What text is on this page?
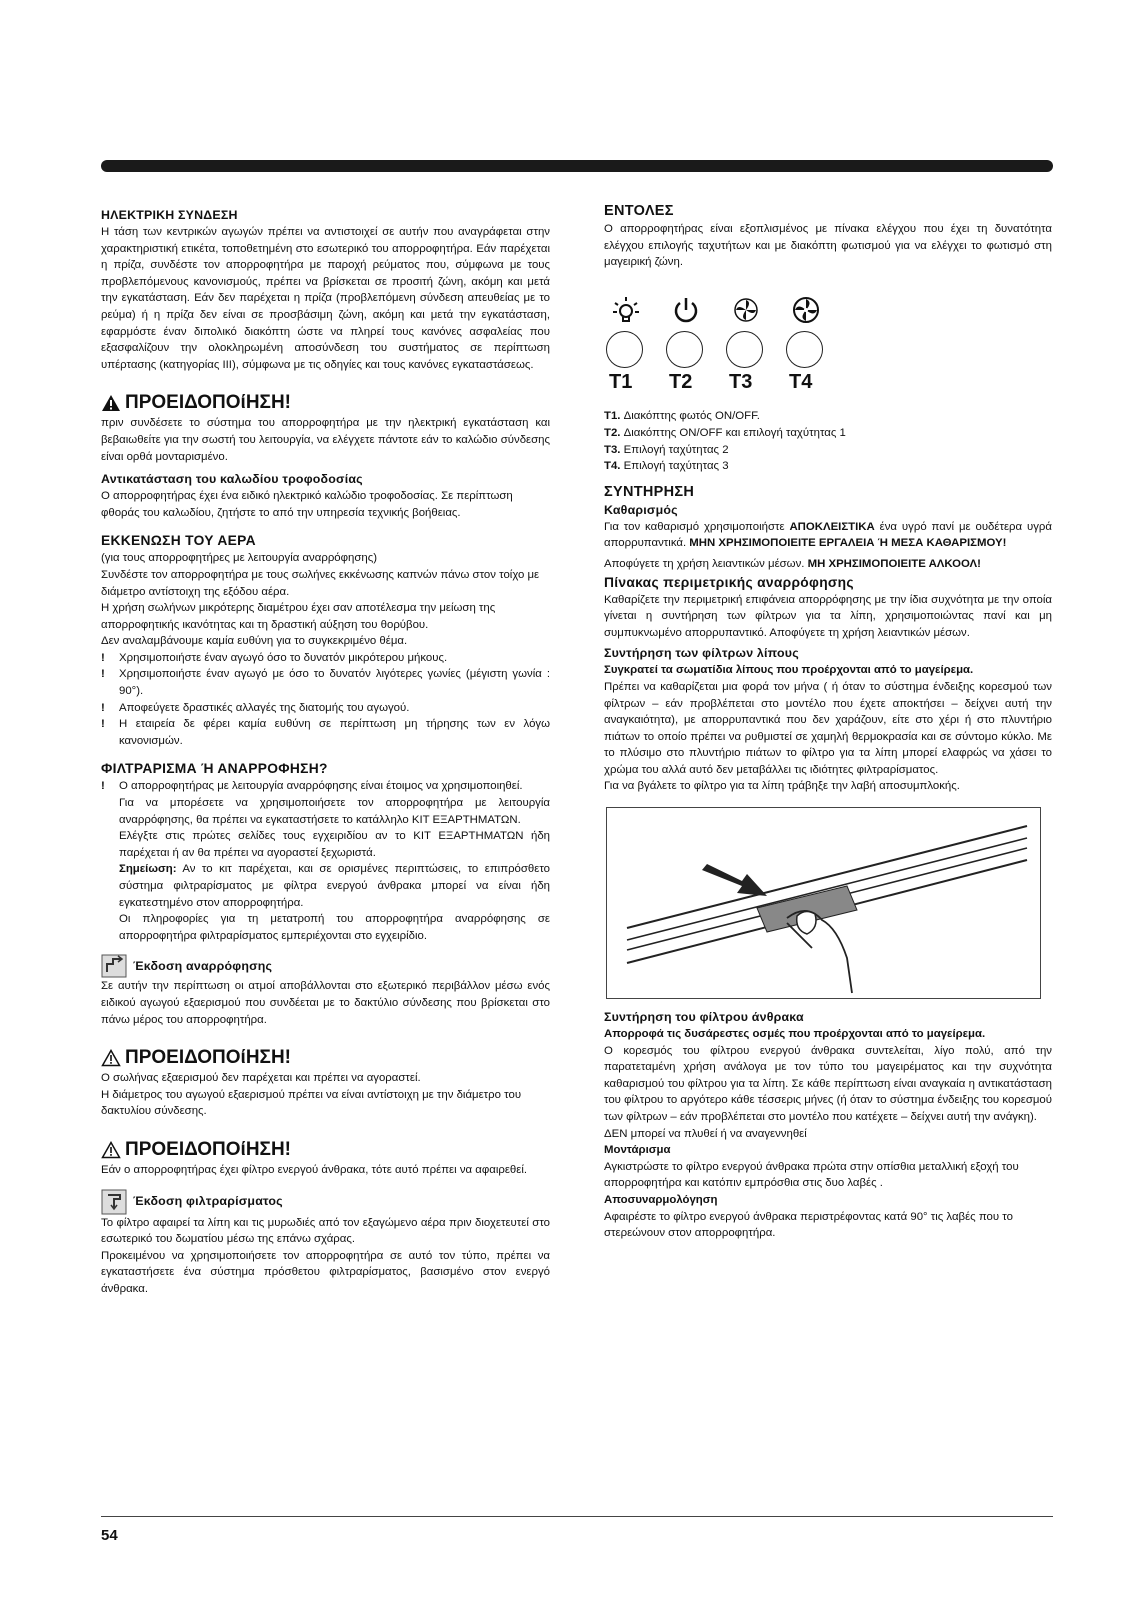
ΗΛΕΚΤΡΙΚΗ ΣΥΝΔΕΣΗ

Η τάση των κεντρικών αγωγών πρέπει να αντιστοιχεί σε αυτήν που αναγράφεται στην χαρακτηριστική ετικέτα, τοποθετημένη στο εσωτερικό του απορροφητήρα. Εάν παρέχεται η πρίζα, συνδέστε τον απορροφητήρα με παροχή ρεύματος που, σύμφωνα με τους προβλεπόμενους κανονισμούς, πρέπει να βρίσκεται σε προσιτή ζώνη, ακόμη και μετά την εγκατάσταση. Εάν δεν παρέχεται η πρίζα (προβλεπόμενη σύνδεση απευθείας με το ρεύμα) ή η πρίζα δεν είναι σε προσβάσιμη ζώνη, ακόμη και μετά την εγκατάσταση, εφαρμόστε έναν διπολικό διακόπτη ώστε να πληρεί τους κανόνες ασφαλείας που εξασφαλίζουν την ολοκληρωμένη αποσύνδεση του συστήματος σε περίπτωση υπέρτασης (κατηγορίας III), σύμφωνα με τις οδηγίες και τους κανόνες εγκαταστάσεως.

ΠΡΟΕΙΔΟΠΟίΗΣΗ!

πριν συνδέσετε το σύστημα του απορροφητήρα με την ηλεκτρική εγκατάσταση και βεβαιωθείτε για την σωστή του λειτουργία, να ελέγχετε πάντοτε εάν το καλώδιο σύνδεσης είναι ορθά μονταρισμένο.

Αντικατάσταση του καλωδίου τροφοδοσίας

Ο απορροφητήρας έχει ένα ειδικό ηλεκτρικό καλώδιο τροφοδοσίας. Σε περίπτωση φθοράς του καλωδίου, ζητήστε το από την υπηρεσία τεχνικής βοήθειας.

ΕΚΚΕΝΩΣΗ ΤΟΥ ΑΕΡΑ

(για τους απορροφητήρες με λειτουργία αναρρόφησης)

Συνδέστε τον απορροφητήρα με τους σωλήνες εκκένωσης καπνών πάνω στον τοίχο με διάμετρο αντίστοιχη της εξόδου αέρα.

Η χρήση σωλήνων μικρότερης διαμέτρου έχει σαν αποτέλεσμα την μείωση της απορροφητικής ικανότητας και τη δραστική αύξηση του θορύβου.

Δεν αναλαμβάνουμε καμία ευθύνη για το συγκεκριμένο θέμα.

! Χρησιμοποιήστε έναν αγωγό όσο το δυνατόν μικρότερου μήκους.
! Χρησιμοποιήστε έναν αγωγό με όσο το δυνατόν λιγότερες γωνίες (μέγιστη γωνία : 90°).
! Αποφεύγετε δραστικές αλλαγές της διατομής του αγωγού.
! Η εταιρεία δε φέρει καμία ευθύνη σε περίπτωση μη τήρησης των εν λόγω κανονισμών.
ΦΙΛΤΡΑΡΙΣΜΑ Ή ΑΝΑΡΡΟΦΗΣΗ?
! Ο απορροφητήρας με λειτουργία αναρρόφησης είναι έτοιμος να χρησιμοποιηθεί.

Για να μπορέσετε να χρησιμοποιήσετε τον απορροφητήρα με λειτουργία αναρρόφησης, θα πρέπει να εγκαταστήσετε το κατάλληλο ΚΙΤ ΕΞΑΡΤΗΜΑΤΩΝ.

Ελέγξτε στις πρώτες σελίδες τους εγχειριδίου αν το ΚΙΤ ΕΞΑΡΤΗΜΑΤΩΝ ήδη παρέχεται ή αν θα πρέπει να αγοραστεί ξεχωριστά.

Σημείωση: Αν το κιτ παρέχεται, και σε ορισμένες περιπτώσεις, το επιπρόσθετο σύστημα φιλτραρίσματος με φίλτρα ενεργού άνθρακα μπορεί να είναι ήδη εγκατεστημένο στον απορροφητήρα.

Οι πληροφορίες για τη μετατροπή του απορροφητήρα αναρρόφησης σε απορροφητήρα φιλτραρίσματος εμπεριέχονται στο εγχειρίδιο.

Έκδοση αναρρόφησης

Σε αυτήν την περίπτωση οι ατμοί αποβάλλονται στο εξωτερικό περιβάλλον μέσω ενός ειδικού αγωγού εξαερισμού που συνδέεται με το δακτύλιο σύνδεσης που βρίσκεται στο πάνω μέρος του απορροφητήρα.

ΠΡΟΕΙΔΟΠΟίΗΣΗ!

Ο σωλήνας εξαερισμού δεν παρέχεται και πρέπει να αγοραστεί.

Η διάμετρος του αγωγού εξαερισμού πρέπει να είναι αντίστοιχη με την διάμετρο του δακτυλίου σύνδεσης.

ΠΡΟΕΙΔΟΠΟίΗΣΗ!

Εάν ο απορροφητήρας έχει φίλτρο ενεργού άνθρακα, τότε αυτό πρέπει να αφαιρεθεί.

Έκδοση φιλτραρίσματος

Το φίλτρο αφαιρεί τα λίπη και τις μυρωδιές από τον εξαγώμενο αέρα πριν διοχετευτεί στο εσωτερικό του δωματίου μέσω της επάνω σχάρας.

Προκειμένου να χρησιμοποιήσετε τον απορροφητήρα σε αυτό τον τύπο, πρέπει να εγκαταστήσετε ένα σύστημα πρόσθετου φιλτραρίσματος, βασισμένο στον ενεργό άνθρακα.

ΕΝΤΟΛΕΣ

Ο απορροφητήρας είναι εξοπλισμένος με πίνακα ελέγχου που έχει τη δυνατότητα ελέγχου επιλογής ταχυτήτων και με διακόπτη φωτισμού για να ελέγχει το φωτισμό στη μαγειρική ζώνη.

T1 T2 T3 T4

T1. Διακόπτης φωτός ON/OFF.

T2. Διακόπτης ON/OFF και επιλογή ταχύτητας 1

T3. Επιλογή ταχύτητας 2

T4. Επιλογή ταχύτητας 3

ΣΥΝΤΗΡΗΣΗ
Καθαρισμός

Για τον καθαρισμό χρησιμοποιήστε ΑΠΟΚΛΕΙΣΤΙΚΑ ένα υγρό πανί με ουδέτερα υγρά απορρυπαντικά. ΜΗΝ ΧΡΗΣΙΜΟΠΟΙΕΙΤΕ ΕΡΓΑΛΕΙΑ Ή ΜΕΣΑ ΚΑΘΑΡΙΣΜΟΥ!

Αποφύγετε τη χρήση λειαντικών μέσων. ΜΗ ΧΡΗΣΙΜΟΠΟΙΕΙΤΕ ΑΛΚΟΟΛ!

Πίνακας περιμετρικής αναρρόφησης

Καθαρίζετε την περιμετρική επιφάνεια απορρόφησης με την ίδια συχνότητα με την οποία γίνεται η συντήρηση των φίλτρων για τα λίπη, χρησιμοποιώντας πανί και μη συμπυκνωμένο απορρυπαντικό. Αποφύγετε τη χρήση λειαντικών μέσων.

Συντήρηση των φίλτρων λίπους

Συγκρατεί τα σωματίδια λίπους που προέρχονται από το μαγείρεμα.

Πρέπει να καθαρίζεται μια φορά τον μήνα ( ή όταν το σύστημα ένδειξης κορεσμού των φίλτρων – εάν προβλέπεται στο μοντέλο που έχετε αποκτήσει – δείχνει αυτή την αναγκαιότητα), με απορρυπαντικά που δεν χαράζουν, είτε στο χέρι ή στο πλυντήριο πιάτων το οποίο πρέπει να ρυθμιστεί σε χαμηλή θερμοκρασία και σε σύντομο κύκλο. Με το πλύσιμο στο πλυντήριο πιάτων το φίλτρο για τα λίπη μπορεί ελαφρώς να χάσει το χρώμα του αλλά αυτό δεν μεταβάλλει τις ιδιότητες φιλτραρίσματος.

Για να βγάλετε το φίλτρο για τα λίπη τράβηξε την λαβή αποσυμπλοκής.

Συντήρηση του φίλτρου άνθρακα

Απορροφά τις δυσάρεστες οσμές που προέρχονται από το μαγείρεμα.

Ο κορεσμός του φίλτρου ενεργού άνθρακα συντελείται, λίγο πολύ, από την παρατεταμένη χρήση ανάλογα με τον τύπο του μαγειρέματος και την συχνότητα καθαρισμού του φίλτρου για τα λίπη. Σε κάθε περίπτωση είναι αναγκαία η αντικατάσταση του φίλτρου το αργότερο κάθε τέσσερις μήνες (ή όταν το σύστημα ένδειξης του κορεσμού των φίλτρων – εάν προβλέπεται στο μοντέλο που κατέχετε – δείχνει αυτή την ανάγκη).

ΔΕΝ μπορεί να πλυθεί ή να αναγεννηθεί

Μοντάρισμα

Αγκιστρώστε το φίλτρο ενεργού άνθρακα πρώτα στην οπίσθια μεταλλική εξοχή του απορροφητήρα και κατόπιν εμπρόσθια στις δυο λαβές .

Αποσυναρμολόγηση

Αφαιρέστε το φίλτρο ενεργού άνθρακα περιστρέφοντας κατά 90° τις λαβές που το στερεώνουν στον απορροφητήρα.

54
